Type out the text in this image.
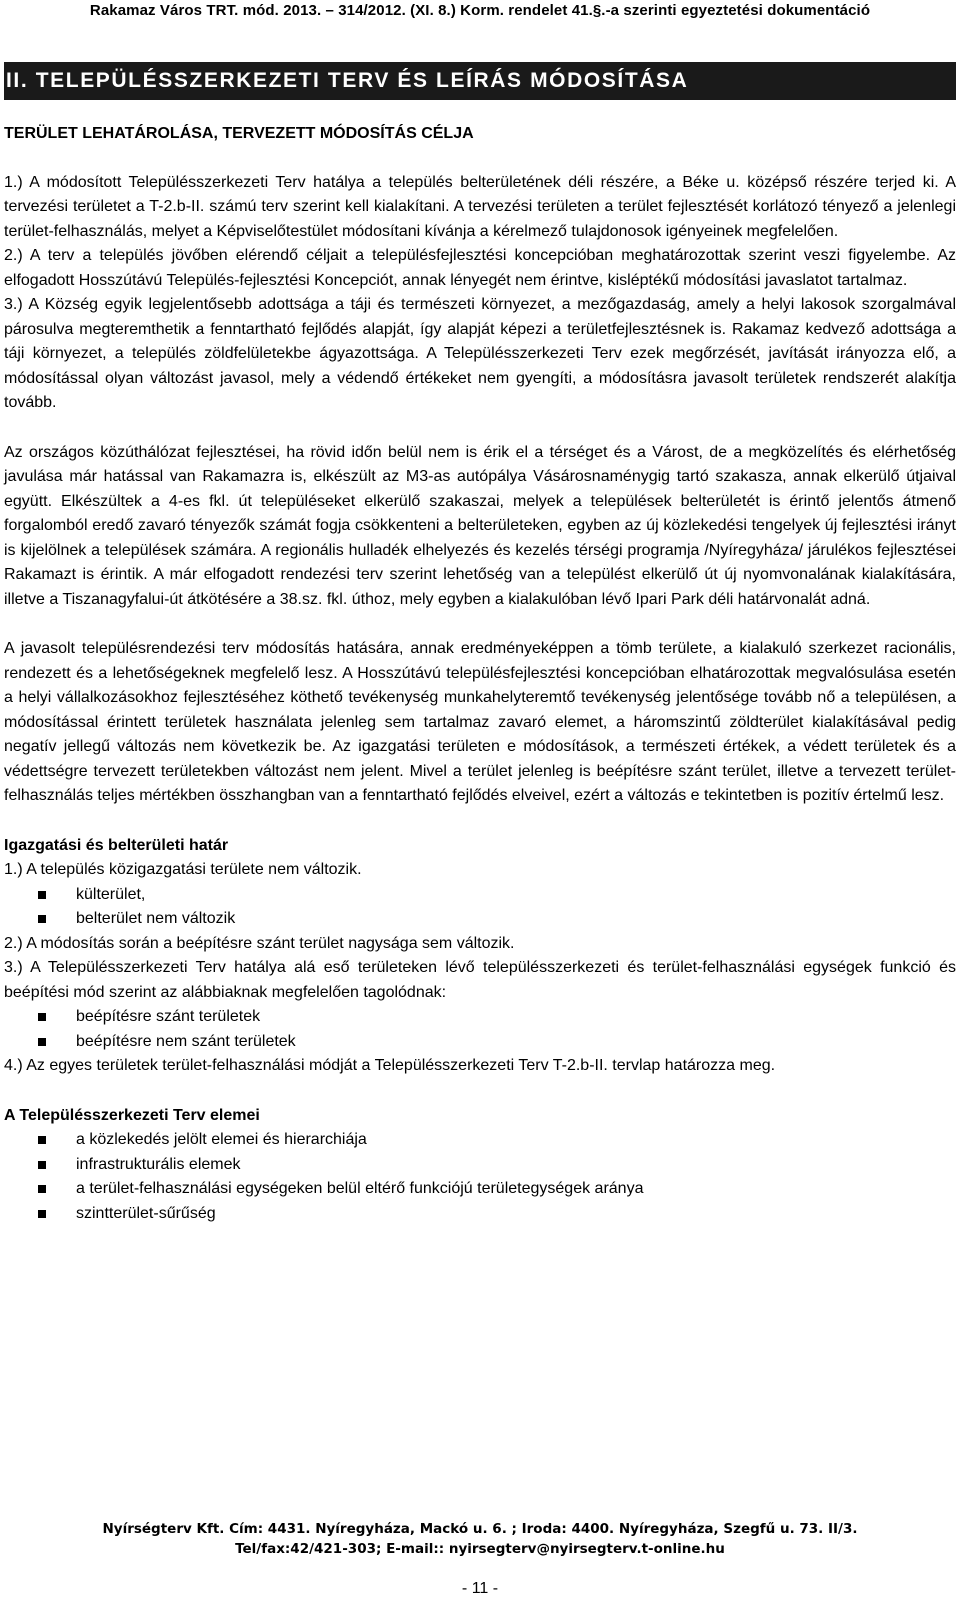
Rakamaz Város TRT. mód. 2013. – 314/2012. (XI. 8.) Korm. rendelet 41.§.-a szerinti egyeztetési dokumentáció
II. TELEPÜLÉSSZERKEZETI TERV ÉS LEÍRÁS MÓDOSÍTÁSA
TERÜLET LEHATÁROLÁSA, TERVEZETT MÓDOSÍTÁS CÉLJA

1.) A módosított Településszerkezeti Terv hatálya a település belterületének déli részére, a Béke u. középső részére terjed ki. A tervezési területet a T-2.b-II. számú terv szerint kell kialakítani. A tervezési területen a terület fejlesztését korlátozó tényező a jelenlegi terület-felhasználás, melyet a Képviselőtestület módosítani kívánja a kérelmező tulajdonosok igényeinek megfelelően.

2.) A terv a település jövőben elérendő céljait a településfejlesztési koncepcióban meghatározottak szerint veszi figyelembe. Az elfogadott Hosszútávú Település-fejlesztési Koncepciót, annak lényegét nem érintve, kisléptékű módosítási javaslatot tartalmaz.

3.) A Község egyik legjelentősebb adottsága a táji és természeti környezet, a mezőgazdaság, amely a helyi lakosok szorgalmával párosulva megteremthetik a fenntartható fejlődés alapját, így alapját képezi a területfejlesztésnek is. Rakamaz kedvező adottsága a táji környezet, a település zöldfelületekbe ágyazottsága. A Településszerkezeti Terv ezek megőrzését, javítását irányozza elő, a módosítással olyan változást javasol, mely a védendő értékeket nem gyengíti, a módosításra javasolt területek rendszerét alakítja tovább.

Az országos közúthálózat fejlesztései, ha rövid időn belül nem is érik el a térséget és a Várost, de a megközelítés és elérhetőség javulása már hatással van Rakamazra is, elkészült az M3-as autópálya Vásárosnaménygig tartó szakasza, annak elkerülő útjaival együtt. Elkészültek a 4-es fkl. út településeket elkerülő szakaszai, melyek a települések belterületét is érintő jelentős átmenő forgalomból eredő zavaró tényezők számát fogja csökkenteni a belterületeken, egyben az új közlekedési tengelyek új fejlesztési irányt is kijelölnek a települések számára. A regionális hulladék elhelyezés és kezelés térségi programja /Nyíregyháza/ járulékos fejlesztései Rakamazt is érintik. A már elfogadott rendezési terv szerint lehetőség van a települést elkerülő út új nyomvonalának kialakítására, illetve a Tiszanagyfalui-út átkötésére a 38.sz. fkl. úthoz, mely egyben a kialakulóban lévő Ipari Park déli határvonalát adná.

A javasolt településrendezési terv módosítás hatására, annak eredményeképpen a tömb területe, a kialakuló szerkezet racionális, rendezett és a lehetőségeknek megfelelő lesz. A Hosszútávú településfejlesztési koncepcióban elhatározottak megvalósulása esetén a helyi vállalkozásokhoz fejlesztéséhez köthető tevékenység munkahelyteremtő tevékenység jelentősége tovább nő a településen, a módosítással érintett területek használata jelenleg sem tartalmaz zavaró elemet, a háromszintű zöldterület kialakításával pedig negatív jellegű változás nem következik be. Az igazgatási területen e módosítások, a természeti értékek, a védett területek és a védettségre tervezett területekben változást nem jelent. Mivel a terület jelenleg is beépítésre szánt terület, illetve a tervezett terület-felhasználás teljes mértékben összhangban van a fenntartható fejlődés elveivel, ezért a változás e tekintetben is pozitív értelmű lesz.

Igazgatási és belterületi határ

1.) A település közigazgatási területe nem változik.

külterület,
belterület nem változik

2.) A módosítás során a beépítésre szánt terület nagysága sem változik.

3.) A Településszerkezeti Terv hatálya alá eső területeken lévő településszerkezeti és terület-felhasználási egységek funkció és beépítési mód szerint az alábbiaknak megfelelően tagolódnak:

beépítésre szánt területek
beépítésre nem szánt területek

4.) Az egyes területek terület-felhasználási módját a Településszerkezeti Terv T-2.b-II. tervlap határozza meg.

A Településszerkezeti Terv elemei
a közlekedés jelölt elemei és hierarchiája
infrastrukturális elemek
a terület-felhasználási egységeken belül eltérő funkciójú területegységek aránya
szintterület-sűrűség
Nyírségterv Kft. Cím: 4431. Nyíregyháza, Mackó u. 6. ; Iroda: 4400. Nyíregyháza, Szegfű u. 73. II/3.
Tel/fax:42/421-303; E-mail:: nyirsegterv@nyirsegterv.t-online.hu
- 11 -
